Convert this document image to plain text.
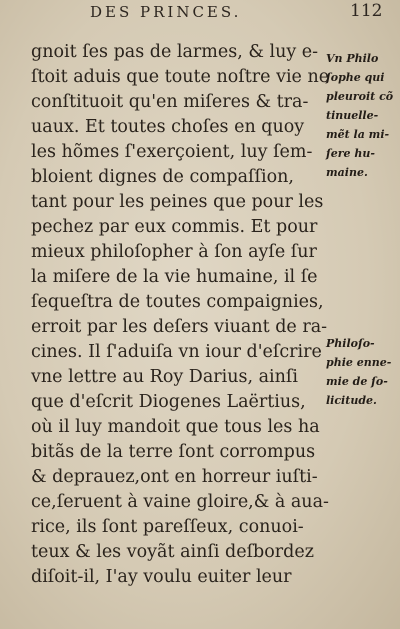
DES PRINCES.	112
gnoit ſes pas de larmes, & luy e-
ſtoit aduis que toute noſtre vie ne
conſtituoit qu'en miſeres & tra-
uaux. Et toutes choſes en quoy
les hõmes ſ'exerçoient, luy ſem-
bloient dignes de compaſſion,
tant pour les peines que pour les
pechez par eux commis. Et pour
mieux philoſopher à ſon ayſe ſur
la miſere de la vie humaine, il ſe
ſequeſtra de toutes compaignies,
erroit par les deſers viuant de ra-
cines. Il ſ'aduiſa vn iour d'eſcrire
vne lettre au Roy Darius, ainſi
que d'eſcrit Diogenes Laërtius,
où il luy mandoit que tous les ha
bitãs de la terre ſont corrompus
& deprauez,ont en horreur iuſti-
ce,ſeruent à vaine gloire,& à aua-
rice, ils ſont pareſſeux, conuoi-
teux & les voyãt ainſi deſbordez
diſoit-il, I'ay voulu euiter leur
Vn Philo
ſophe qui
pleuroit cõ
tinuelle-
mẽt la mi-
ſere hu-
maine.
Philoſo-
phie enne-
mie de ſo-
licitude.
